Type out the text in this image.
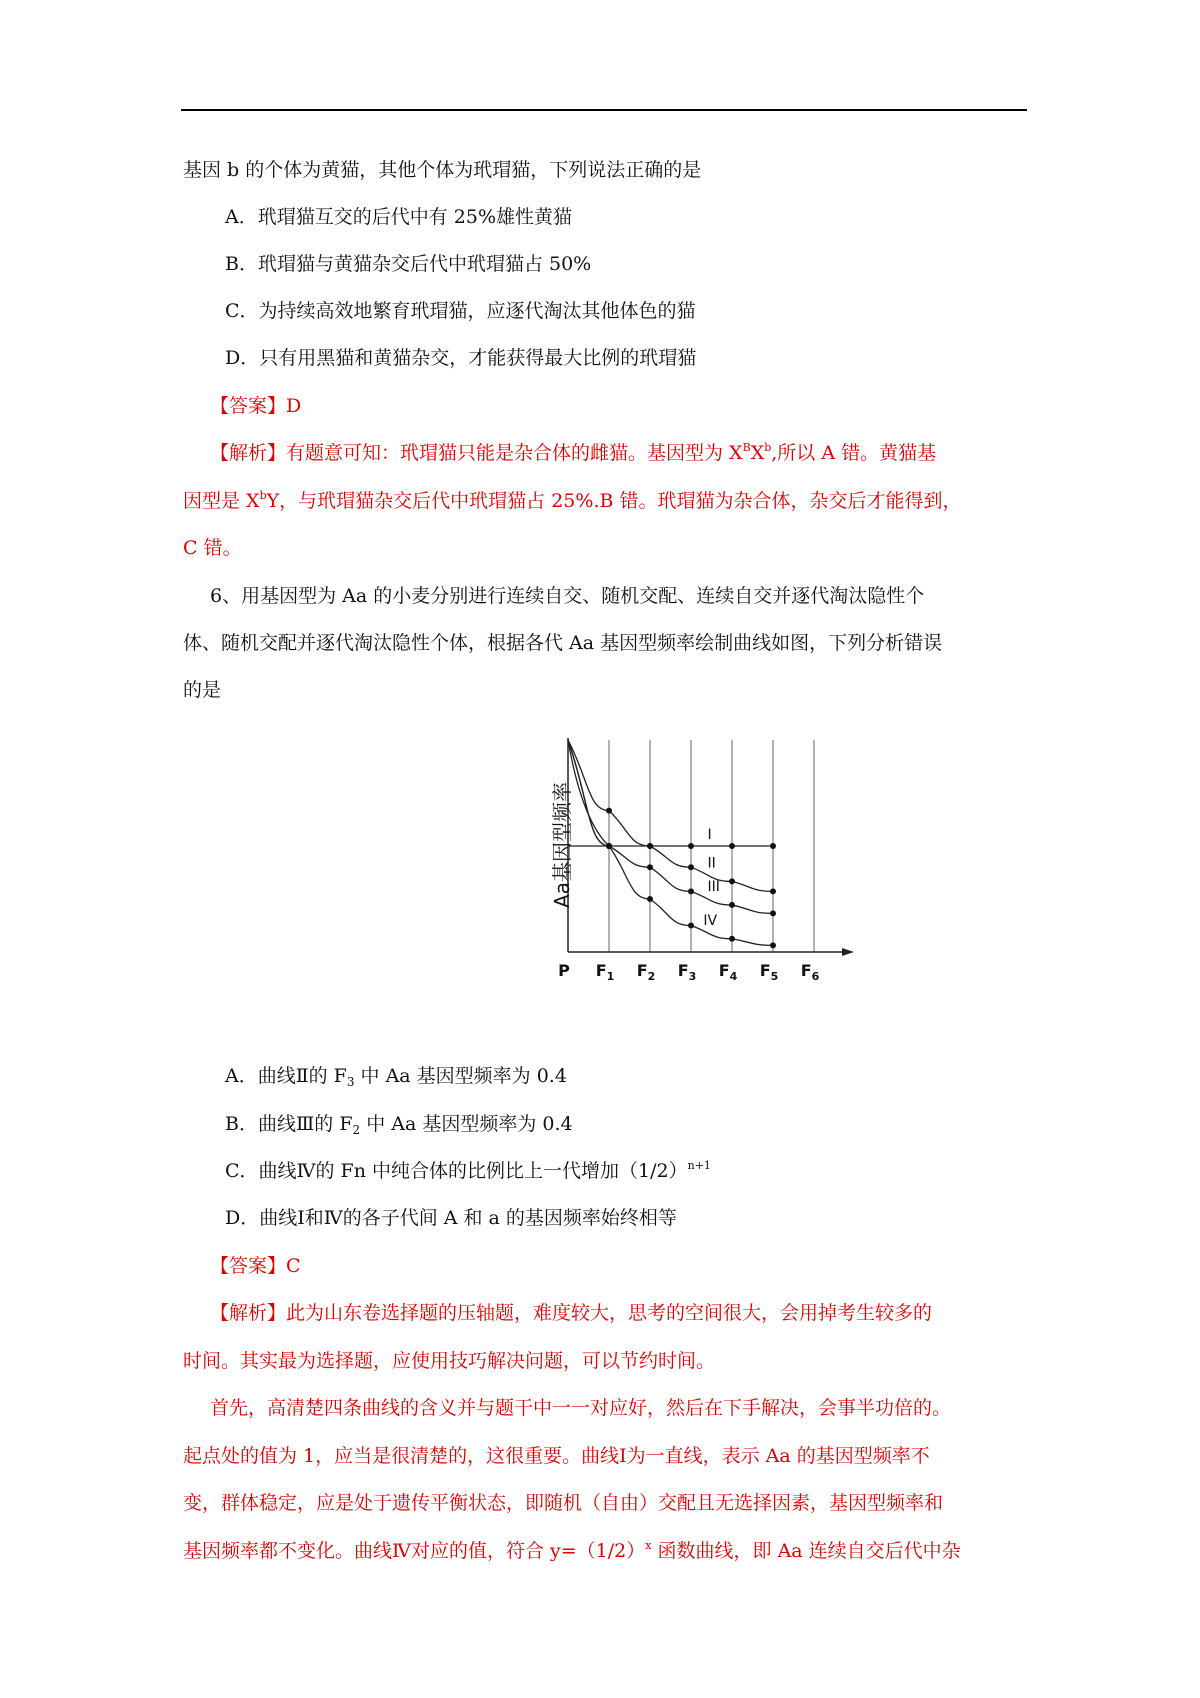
基因 b 的个体为黄猫，其他个体为玳瑁猫，下列说法正确的是
A．玳瑁猫互交的后代中有 25%雄性黄猫
B．玳瑁猫与黄猫杂交后代中玳瑁猫占 50%
C．为持续高效地繁育玳瑁猫，应逐代淘汰其他体色的猫
D．只有用黑猫和黄猫杂交，才能获得最大比例的玳瑁猫
【答案】D
【解析】有题意可知：玳瑁猫只能是杂合体的雌猫。基因型为 $X^BX^b$,所以 A 错。黄猫基
因型是 $X^bY$，与玳瑁猫杂交后代中玳瑁猫占 25%.B 错。玳瑁猫为杂合体，杂交后才能得到，
C 错。
6、用基因型为 Aa 的小麦分别进行连续自交、随机交配、连续自交并逐代淘汰隐性个
体、随机交配并逐代淘汰隐性个体，根据各代 Aa 基因型频率绘制曲线如图，下列分析错误
的是
I
II
III
IV
P $F_1$ $F_2$ $F_3$ $F_4$ $F_5$ $F_6$
Aa基因型频率
A．曲线Ⅱ的 $F_3$ 中 Aa 基因型频率为 0.4
B．曲线Ⅲ的 $F_2$ 中 Aa 基因型频率为 0.4
C．曲线Ⅳ的 Fn 中纯合体的比例比上一代增加$(1/2)^{n+1}$
D．曲线Ⅰ和Ⅳ的各子代间 A 和 a 的基因频率始终相等
【答案】C
【解析】此为山东卷选择题的压轴题，难度较大，思考的空间很大，会用掉考生较多的
时间。其实最为选择题，应使用技巧解决问题，可以节约时间。
首先，高清楚四条曲线的含义并与题干中一一对应好，然后在下手解决，会事半功倍的。
起点处的值为 1，应当是很清楚的，这很重要。曲线Ⅰ为一直线，表示 Aa 的基因型频率不
变，群体稳定，应是处于遗传平衡状态，即随机（自由）交配且无选择因素，基因型频率和
基因频率都不变化。曲线Ⅳ对应的值，符合 $y=(1/2)^x$ 函数曲线，即 Aa 连续自交后代中杂
